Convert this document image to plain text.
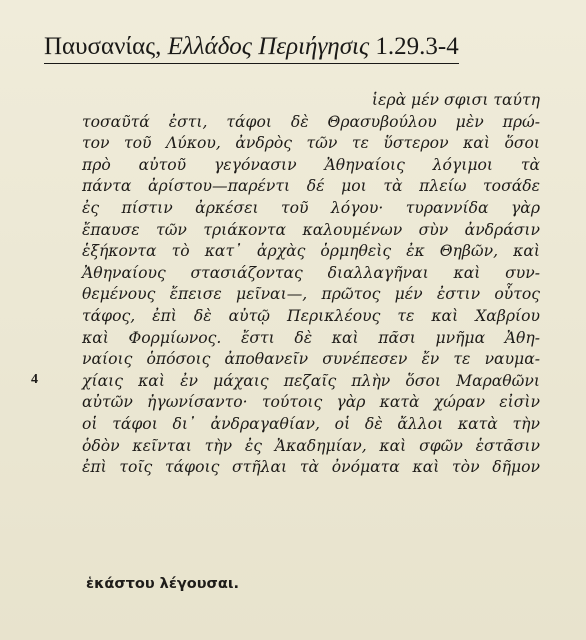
Παυσανίας, Ελλάδος Περιήγησις 1.29.3-4
4
ἱερὰ μέν σφισι ταύτη
τοσαῦτά ἐστι, τάφοι δὲ Θρασυβούλου μὲν πρώ-
τον τοῦ Λύκου, ἀνδρὸς τῶν τε ὕστερον καὶ ὅσοι
πρὸ αὐτοῦ γεγόνασιν Ἀθηναίοις λόγιμοι τὰ
πάντα ἀρίστου—παρέντι δέ μοι τὰ πλείω τοσάδε
ἐς πίστιν ἀρκέσει τοῦ λόγου· τυραννίδα γὰρ
ἔπαυσε τῶν τριάκοντα καλουμένων σὺν ἀνδράσιν
ἑξήκοντα τὸ κατ᾽ ἀρχὰς ὁρμηθεὶς ἐκ Θηβῶν, καὶ
Ἀθηναίους στασιάζοντας διαλλαγῆναι καὶ συν-
θεμένους ἔπεισε μεῖναι—, πρῶτος μέν ἐστιν οὗτος
τάφος, ἐπὶ δὲ αὐτῷ Περικλέους τε καὶ Χαβρίου
καὶ Φορμίωνος. ἔστι δὲ καὶ πᾶσι μνῆμα Ἀθη-
ναίοις ὁπόσοις ἀποθανεῖν συνέπεσεν ἔν τε ναυμα-
χίαις καὶ ἐν μάχαις πεζαῖς πλὴν ὅσοι Μαραθῶνι
αὐτῶν ἠγωνίσαντο· τούτοις γὰρ κατὰ χώραν εἰσὶν
οἱ τάφοι δι᾽ ἀνδραγαθίαν, οἱ δὲ ἄλλοι κατὰ τὴν
ὁδὸν κεῖνται τὴν ἐς Ἀκαδημίαν, καὶ σφῶν ἑστᾶσιν
ἐπὶ τοῖς τάφοις στῆλαι τὰ ὀνόματα καὶ τὸν δῆμον
ἑκάστου λέγουσαι.
